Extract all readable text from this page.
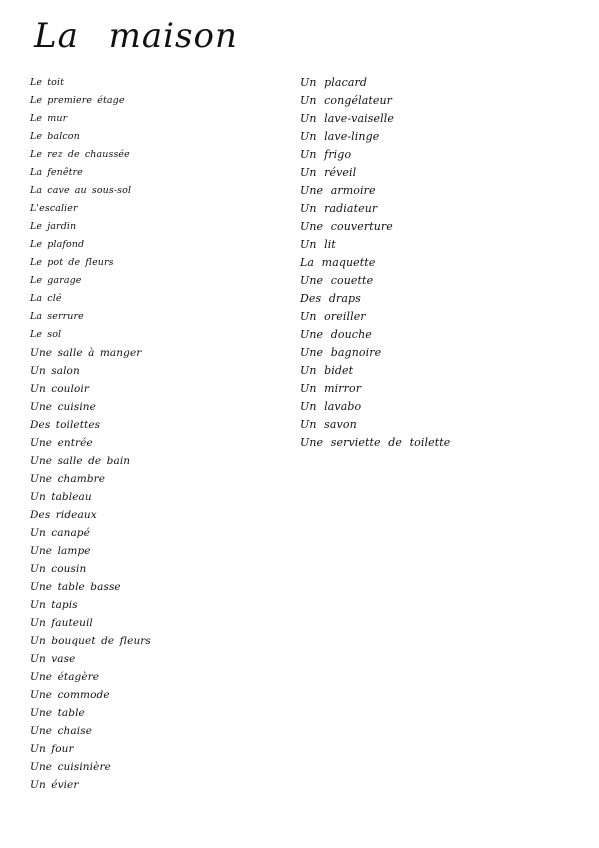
La maison
Le toit
Le premiere étage
Le mur
Le balcon
Le rez de chaussée
La fenêtre
La cave au sous-sol
L'escalier
Le jardin
Le plafond
Le pot de fleurs
Le garage
La clé
La serrure
Le sol
Une salle à manger
Un salon
Un couloir
Une cuisine
Des toilettes
Une entrée
Une salle de bain
Une chambre
Un tableau
Des rideaux
Un canapé
Une lampe
Un cousin
Une table basse
Un tapis
Un fauteuil
Un bouquet de fleurs
Un vase
Une étagère
Une commode
Une table
Une chaise
Un four
Une cuisinière
Un évier
Un placard
Un congélateur
Un lave-vaiselle
Un lave-linge
Un frigo
Un réveil
Une armoire
Un radiateur
Une couverture
Un lit
La maquette
Une couette
Des draps
Un oreiller
Une douche
Une bagnoire
Un bidet
Un mirror
Un lavabo
Un savon
Une serviette de toilette
